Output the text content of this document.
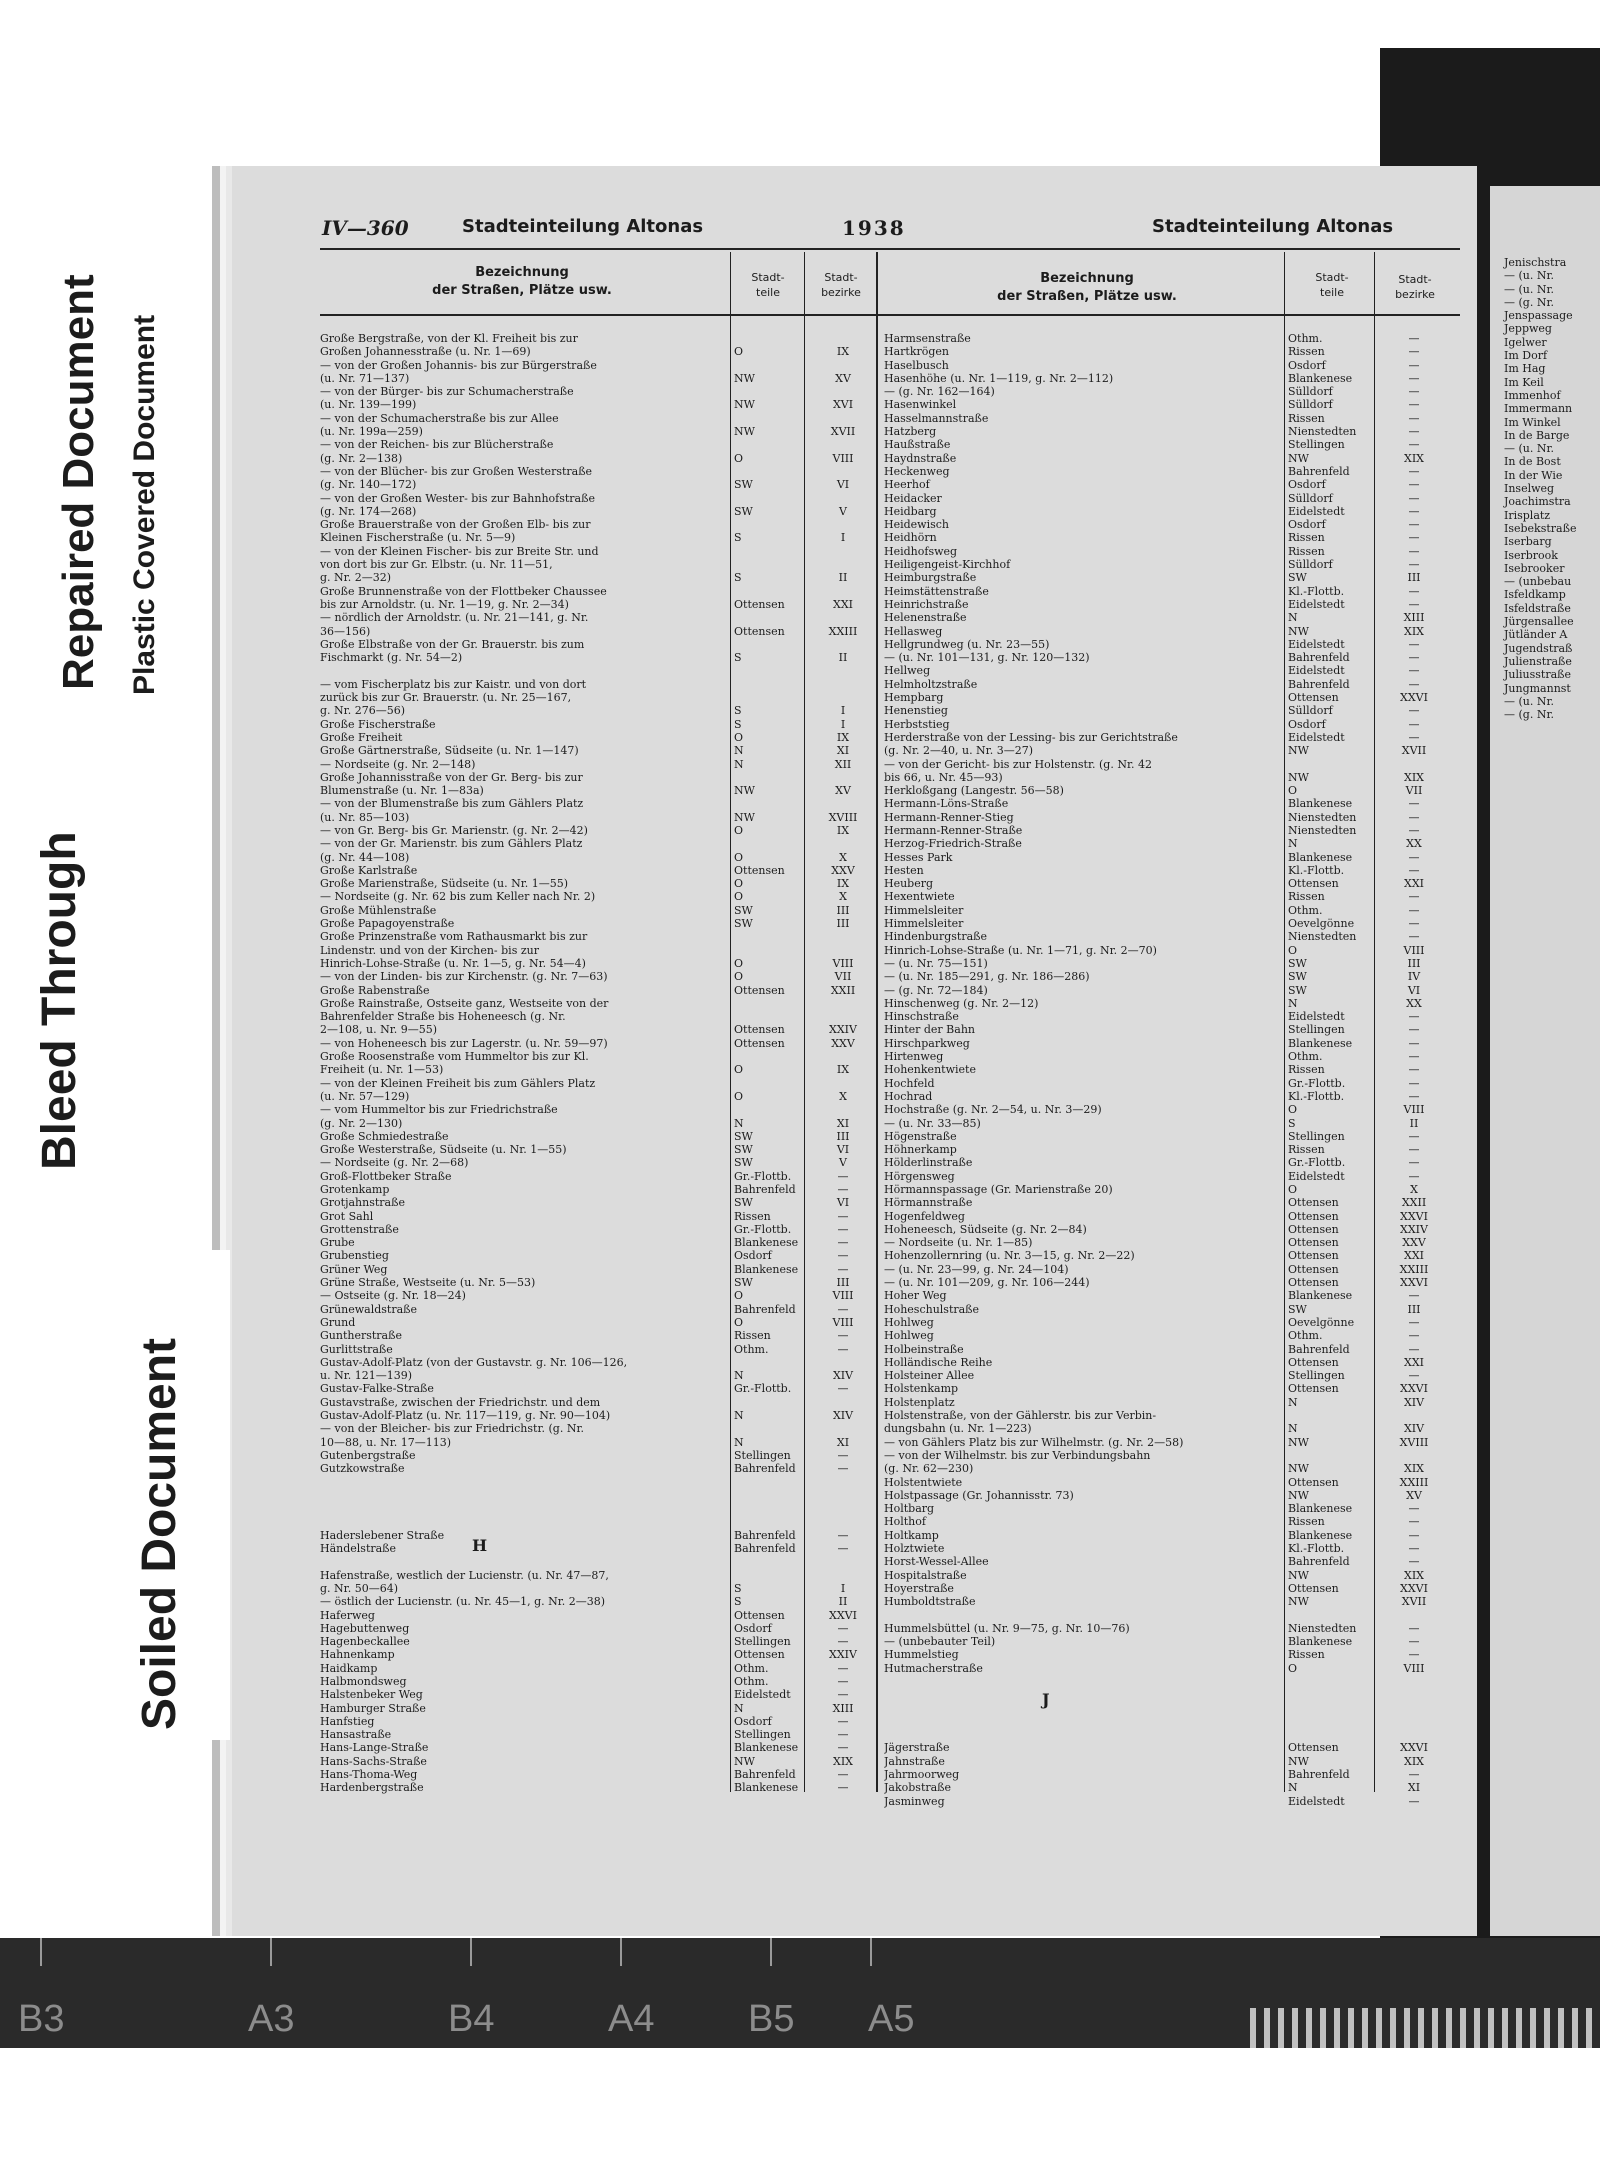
IV—360	Stadteinteilung Altonas	1938	Stadteinteilung Altonas
Bezeichnung
der Straßen, Plätze usw.
Stadt-
teile
Stadt-
bezirke
Bezeichnung
der Straßen, Plätze usw.
Stadt-
teile
Stadt-
bezirke
Große Bergstraße, von der Kl. Freiheit bis zur
Großen Johannesstraße (u. Nr. 1—69)	O	IX
— von der Großen Johannis- bis zur Bürgerstraße
(u. Nr. 71—137)	NW	XV
— von der Bürger- bis zur Schumacherstraße
(u. Nr. 139—199)	NW	XVI
— von der Schumacherstraße bis zur Allee
(u. Nr. 199a—259)	NW	XVII
— von der Reichen- bis zur Blücherstraße
(g. Nr. 2—138)	O	VIII
— von der Blücher- bis zur Großen Westerstraße
(g. Nr. 140—172)	SW	VI
— von der Großen Wester- bis zur Bahnhofstraße
(g. Nr. 174—268)	SW	V
Große Brauerstraße von der Großen Elb- bis zur
Kleinen Fischerstraße (u. Nr. 5—9)	S	I
— von der Kleinen Fischer- bis zur Breite Str. und
von dort bis zur Gr. Elbstr. (u. Nr. 11—51,
g. Nr. 2—32)	S	II
Große Brunnenstraße von der Flottbeker Chaussee
bis zur Arnoldstr. (u. Nr. 1—19, g. Nr. 2—34)	Ottensen	XXI
— nördlich der Arnoldstr. (u. Nr. 21—141, g. Nr.
36—156)	Ottensen	XXIII
Große Elbstraße von der Gr. Brauerstr. bis zum
Fischmarkt (g. Nr. 54—2)	S	II
— vom Fischerplatz bis zur Kaistr. und von dort
zurück bis zur Gr. Brauerstr. (u. Nr. 25—167,
g. Nr. 276—56)	S	I
Große Fischerstraße	S	I
Große Freiheit	O	IX
Große Gärtnerstraße, Südseite (u. Nr. 1—147)	N	XI
— Nordseite (g. Nr. 2—148)	N	XII
Große Johannisstraße von der Gr. Berg- bis zur
Blumenstraße (u. Nr. 1—83a)	NW	XV
— von der Blumenstraße bis zum Gählers Platz
(u. Nr. 85—103)	NW	XVIII
— von Gr. Berg- bis Gr. Marienstr. (g. Nr. 2—42)	O	IX
— von der Gr. Marienstr. bis zum Gählers Platz
(g. Nr. 44—108)	O	X
Große Karlstraße	Ottensen	XXV
Große Marienstraße, Südseite (u. Nr. 1—55)	O	IX
— Nordseite (g. Nr. 62 bis zum Keller nach Nr. 2)	O	X
Große Mühlenstraße	SW	III
Große Papagoyenstraße	SW	III
Große Prinzenstraße vom Rathausmarkt bis zur
Lindenstr. und von der Kirchen- bis zur
Hinrich-Lohse-Straße (u. Nr. 1—5, g. Nr. 54—4)	O	VIII
— von der Linden- bis zur Kirchenstr. (g. Nr. 7—63)	O	VII
Große Rabenstraße	Ottensen	XXII
Große Rainstraße, Ostseite ganz, Westseite von der
Bahrenfelder Straße bis Hoheneesch (g. Nr.
2—108, u. Nr. 9—55)	Ottensen	XXIV
— von Hoheneesch bis zur Lagerstr. (u. Nr. 59—97)	Ottensen	XXV
Große Roosenstraße vom Hummeltor bis zur Kl.
Freiheit (u. Nr. 1—53)	O	IX
— von der Kleinen Freiheit bis zum Gählers Platz
(u. Nr. 57—129)	O	X
— vom Hummeltor bis zur Friedrichstraße
(g. Nr. 2—130)	N	XI
Große Schmiedestraße	SW	III
Große Westerstraße, Südseite (u. Nr. 1—55)	SW	VI
— Nordseite (g. Nr. 2—68)	SW	V
Groß-Flottbeker Straße	Gr.-Flottb.	—
Grotenkamp	Bahrenfeld	—
Grotjahnstraße	SW	VI
Grot Sahl	Rissen	—
Grottenstraße	Gr.-Flottb.	—
Grube	Blankenese	—
Grubenstieg	Osdorf	—
Grüner Weg	Blankenese	—
Grüne Straße, Westseite (u. Nr. 5—53)	SW	III
— Ostseite (g. Nr. 18—24)	O	VIII
Grünewaldstraße	Bahrenfeld	—
Grund	O	VIII
Guntherstraße	Rissen	—
Gurlittstraße	Othm.	—
Gustav-Adolf-Platz (von der Gustavstr. g. Nr. 106—126,
u. Nr. 121—139)	N	XIV
Gustav-Falke-Straße	Gr.-Flottb.	—
Gustavstraße, zwischen der Friedrichstr. und dem
Gustav-Adolf-Platz (u. Nr. 117—119, g. Nr. 90—104)	N	XIV
— von der Bleicher- bis zur Friedrichstr. (g. Nr.
10—88, u. Nr. 17—113)	N	XI
Gutenbergstraße	Stellingen	—
Gutzkowstraße	Bahrenfeld	—
Haderslebener Straße	Bahrenfeld	—
Händelstraße	Bahrenfeld	—
Hafenstraße, westlich der Lucienstr. (u. Nr. 47—87,
g. Nr. 50—64)	S	I
— östlich der Lucienstr. (u. Nr. 45—1, g. Nr. 2—38)	S	II
Haferweg	Ottensen	XXVI
Hagebuttenweg	Osdorf	—
Hagenbeckallee	Stellingen	—
Hahnenkamp	Ottensen	XXIV
Haidkamp	Othm.	—
Halbmondsweg	Othm.	—
Halstenbeker Weg	Eidelstedt	—
Hamburger Straße	N	XIII
Hanfstieg	Osdorf	—
Hansastraße	Stellingen	—
Hans-Lange-Straße	Blankenese	—
Hans-Sachs-Straße	NW	XIX
Hans-Thoma-Weg	Bahrenfeld	—
Hardenbergstraße	Blankenese	—
Harmsenstraße	Othm.	—
Hartkrögen	Rissen	—
Haselbusch	Osdorf	—
Hasenhöhe (u. Nr. 1—119, g. Nr. 2—112)	Blankenese	—
— (g. Nr. 162—164)	Sülldorf	—
Hasenwinkel	Sülldorf	—
Hasselmannstraße	Rissen	—
Hatzberg	Nienstedten	—
Haußstraße	Stellingen	—
Haydnstraße	NW	XIX
Heckenweg	Bahrenfeld	—
Heerhof	Osdorf	—
Heidacker	Sülldorf	—
Heidbarg	Eidelstedt	—
Heidewisch	Osdorf	—
Heidhörn	Rissen	—
Heidhofsweg	Rissen	—
Heiligengeist-Kirchhof	Sülldorf	—
Heimburgstraße	SW	III
Heimstättenstraße	Kl.-Flottb.	—
Heinrichstraße	Eidelstedt	—
Helenenstraße	N	XIII
Hellasweg	NW	XIX
Hellgrundweg (u. Nr. 23—55)	Eidelstedt	—
— (u. Nr. 101—131, g. Nr. 120—132)	Bahrenfeld	—
Hellweg	Eidelstedt	—
Helmholtzstraße	Bahrenfeld	—
Hempbarg	Ottensen	XXVI
Henenstieg	Sülldorf	—
Herbststieg	Osdorf	—
Herderstraße von der Lessing- bis zur Gerichtstraße	Eidelstedt	—
(g. Nr. 2—40, u. Nr. 3—27)	NW	XVII
— von der Gericht- bis zur Holstenstr. (g. Nr. 42
bis 66, u. Nr. 45—93)	NW	XIX
Herkloßgang (Langestr. 56—58)	O	VII
Hermann-Löns-Straße	Blankenese	—
Hermann-Renner-Stieg	Nienstedten	—
Hermann-Renner-Straße	Nienstedten	—
Herzog-Friedrich-Straße	N	XX
Hesses Park	Blankenese	—
Hesten	Kl.-Flottb.	—
Heuberg	Ottensen	XXI
Hexentwiete	Rissen	—
Himmelsleiter	Othm.	—
Himmelsleiter	Oevelgönne	—
Hindenburgstraße	Nienstedten	—
Hinrich-Lohse-Straße (u. Nr. 1—71, g. Nr. 2—70)	O	VIII
— (u. Nr. 75—151)	SW	III
— (u. Nr. 185—291, g. Nr. 186—286)	SW	IV
— (g. Nr. 72—184)	SW	VI
Hinschenweg (g. Nr. 2—12)	N	XX
Hinschstraße	Eidelstedt	—
Hinter der Bahn	Stellingen	—
Hirschparkweg	Blankenese	—
Hirtenweg	Othm.	—
Hohenkentwiete	Rissen	—
Hochfeld	Gr.-Flottb.	—
Hochrad	Kl.-Flottb.	—
Hochstraße (g. Nr. 2—54, u. Nr. 3—29)	O	VIII
— (u. Nr. 33—85)	S	II
Högenstraße	Stellingen	—
Höhnerkamp	Rissen	—
Hölderlinstraße	Gr.-Flottb.	—
Hörgensweg	Eidelstedt	—
Hörmannspassage (Gr. Marienstraße 20)	O	X
Hörmannstraße	Ottensen	XXII
Hogenfeldweg	Ottensen	XXVI
Hoheneesch, Südseite (g. Nr. 2—84)	Ottensen	XXIV
— Nordseite (u. Nr. 1—85)	Ottensen	XXV
Hohenzollernring (u. Nr. 3—15, g. Nr. 2—22)	Ottensen	XXI
— (u. Nr. 23—99, g. Nr. 24—104)	Ottensen	XXIII
— (u. Nr. 101—209, g. Nr. 106—244)	Ottensen	XXVI
Hoher Weg	Blankenese	—
Hoheschulstraße	SW	III
Hohlweg	Oevelgönne	—
Hohlweg	Othm.	—
Holbeinstraße	Bahrenfeld	—
Holländische Reihe	Ottensen	XXI
Holsteiner Allee	Stellingen	—
Holstenkamp	Ottensen	XXVI
Holstenplatz	N	XIV
Holstenstraße, von der Gählerstr. bis zur Verbin-
dungsbahn (u. Nr. 1—223)	N	XIV
— von Gählers Platz bis zur Wilhelmstr. (g. Nr. 2—58)	NW	XVIII
— von der Wilhelmstr. bis zur Verbindungsbahn
(g. Nr. 62—230)	NW	XIX
Holstentwiete	Ottensen	XXIII
Holstpassage (Gr. Johannisstr. 73)	NW	XV
Holtbarg	Blankenese	—
Holthof	Rissen	—
Holtkamp	Blankenese	—
Holztwiete	Kl.-Flottb.	—
Horst-Wessel-Allee	Bahrenfeld	—
Hospitalstraße	NW	XIX
Hoyerstraße	Ottensen	XXVI
Humboldtstraße	NW	XVII
Hummelsbüttel (u. Nr. 9—75, g. Nr. 10—76)	Nienstedten	—
— (unbebauter Teil)	Blankenese	—
Hummelstieg	Rissen	—
Hutmacherstraße	O	VIII
Jägerstraße	Ottensen	XXVI
Jahnstraße	NW	XIX
Jahrmoorweg	Bahrenfeld	—
Jakobstraße	N	XI
Jasminweg	Eidelstedt	—
H
J
Jenischstra
— (u. Nr.
— (u. Nr.
— (g. Nr.
Jenspassage
Jeppweg
Igelwer
Im Dorf
Im Hag
Im Keil
Immenhof
Immermann
Im Winkel
In de Barge
— (u. Nr.
In de Bost
In der Wie
Inselweg
Joachimstra
Irisplatz
Isebekstraße
Iserbarg
Iserbrook
Isebrooker
— (unbebau
Isfeldkamp
Isfeldstraße
Jürgensallee
Jütländer A
Jugendstraß
Julienstraße
Juliusstraße
Jungmannst
— (u. Nr.
— (g. Nr.
Bleed Through
Repaired Document Plastic Covered Document
Soiled Document
B3	A3	B4	A4 B5 A5
